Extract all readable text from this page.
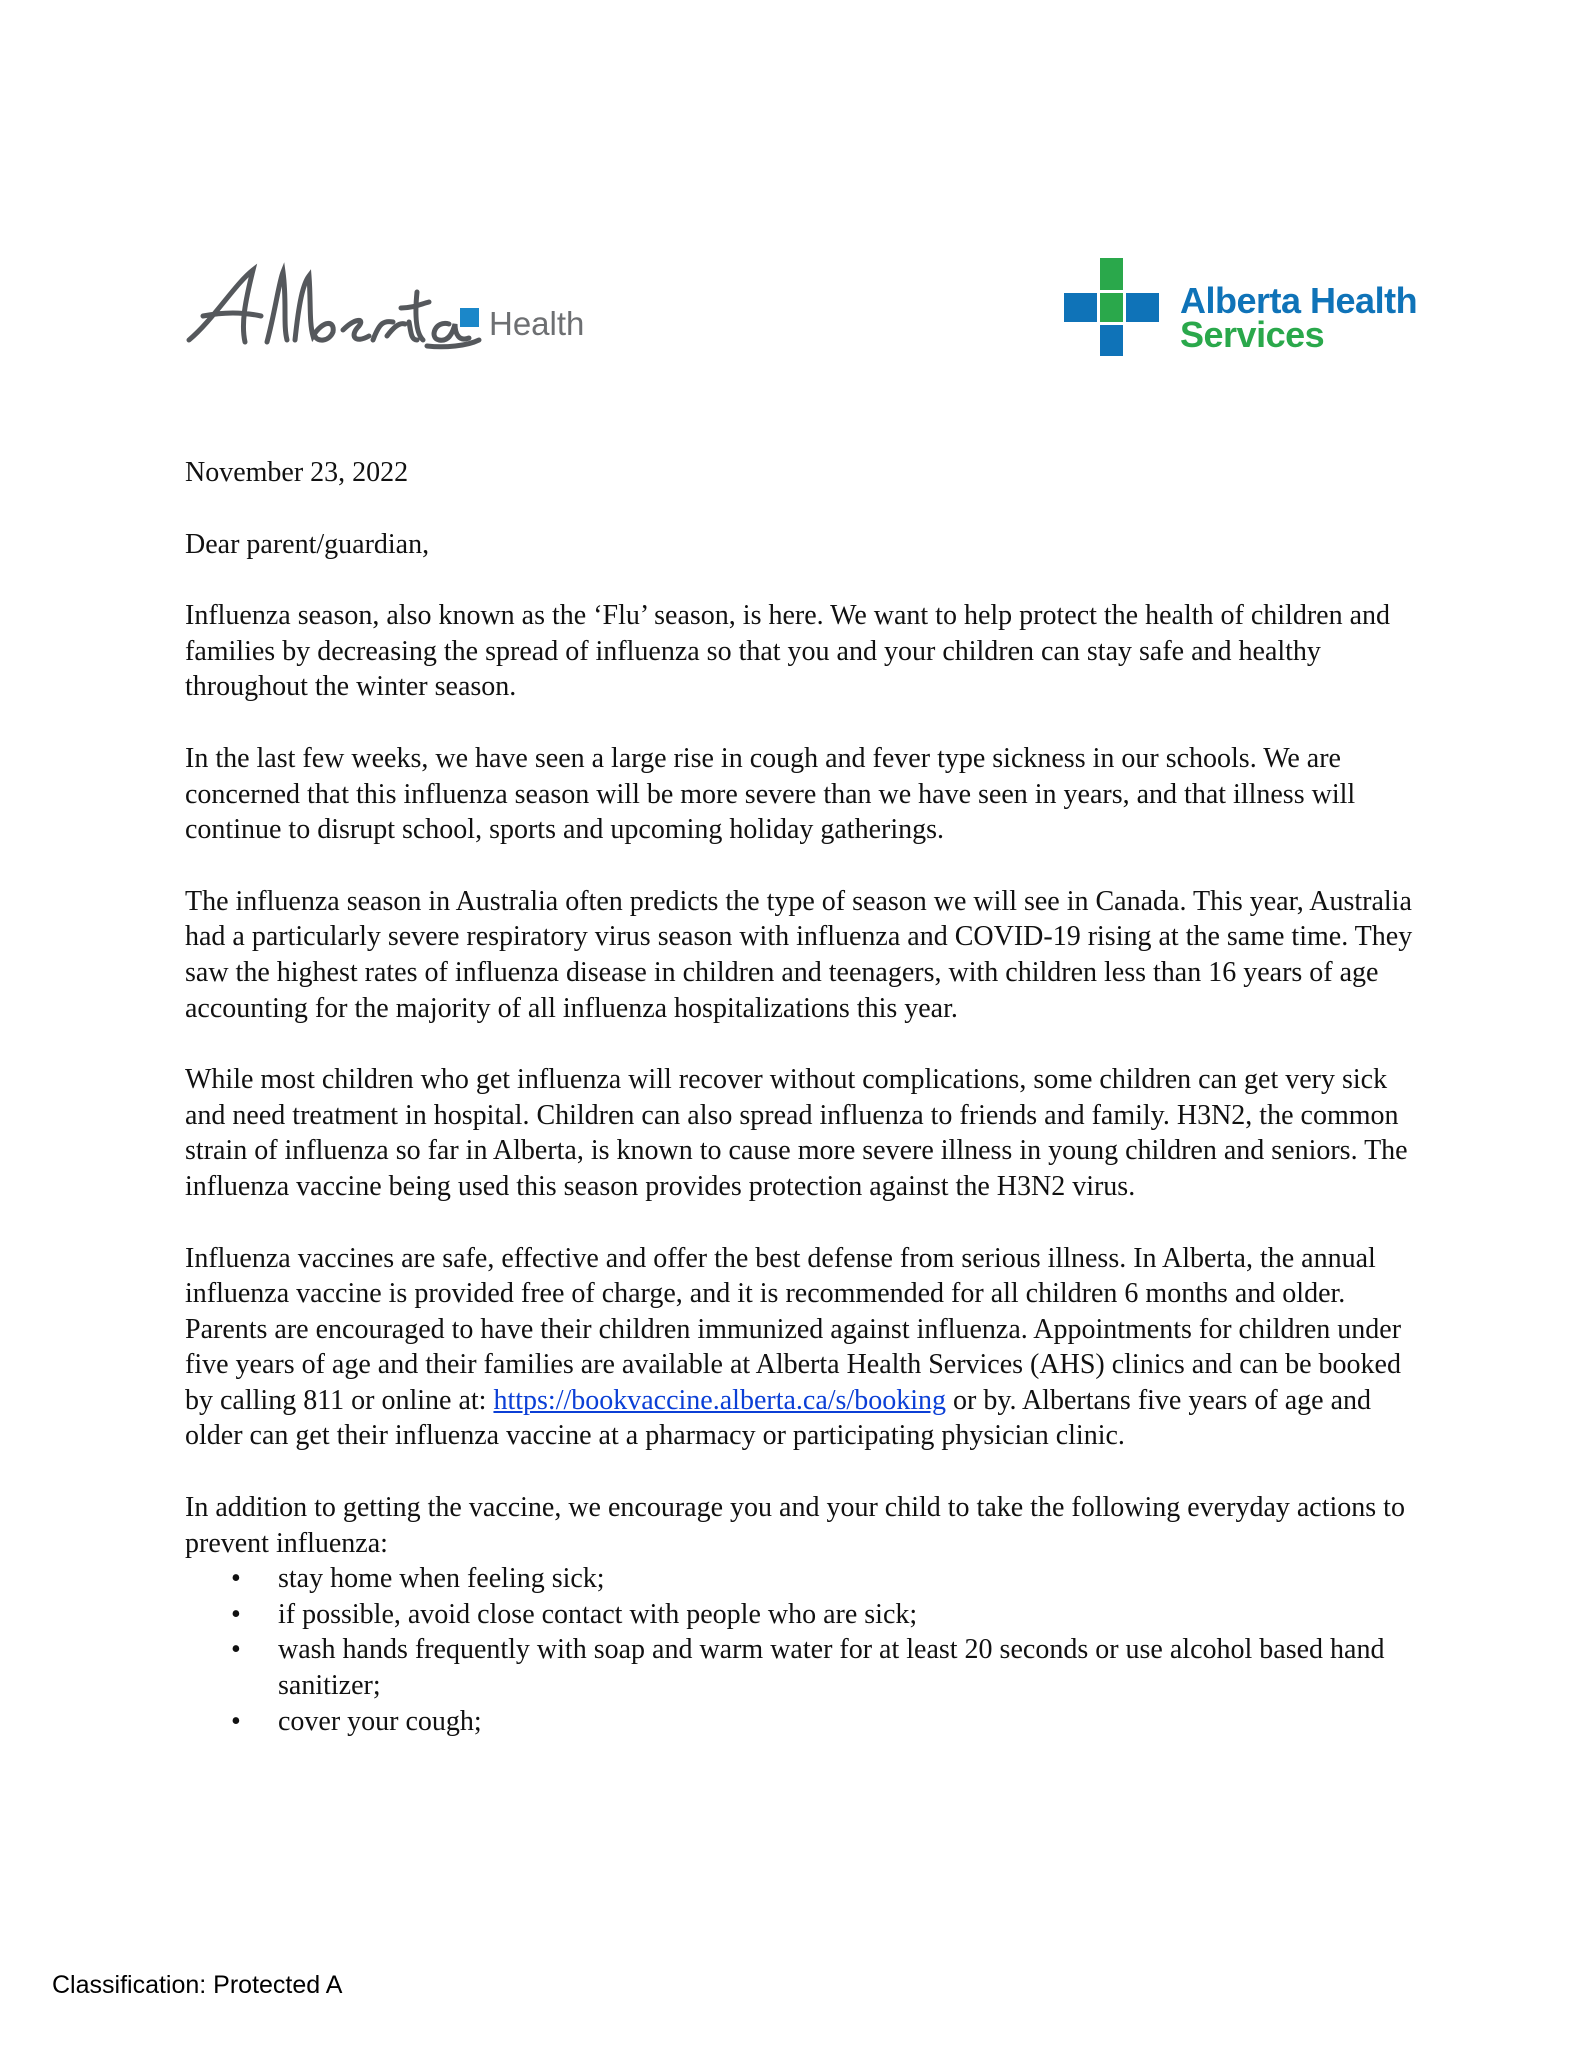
Health
Alberta Health
Services

November 23, 2022

Dear parent/guardian,

Influenza season, also known as the ‘Flu’ season, is here. We want to help protect the health of children and families by decreasing the spread of influenza so that you and your children can stay safe and healthy throughout the winter season.

In the last few weeks, we have seen a large rise in cough and fever type sickness in our schools. We are concerned that this influenza season will be more severe than we have seen in years, and that illness will continue to disrupt school, sports and upcoming holiday gatherings.

The influenza season in Australia often predicts the type of season we will see in Canada. This year, Australia had a particularly severe respiratory virus season with influenza and COVID-19 rising at the same time. They saw the highest rates of influenza disease in children and teenagers, with children less than 16 years of age accounting for the majority of all influenza hospitalizations this year.

While most children who get influenza will recover without complications, some children can get very sick and need treatment in hospital. Children can also spread influenza to friends and family. H3N2, the common strain of influenza so far in Alberta, is known to cause more severe illness in young children and seniors. The influenza vaccine being used this season provides protection against the H3N2 virus.

Influenza vaccines are safe, effective and offer the best defense from serious illness. In Alberta, the annual influenza vaccine is provided free of charge, and it is recommended for all children 6 months and older. Parents are encouraged to have their children immunized against influenza. Appointments for children under five years of age and their families are available at Alberta Health Services (AHS) clinics and can be booked by calling 811 or online at: https://bookvaccine.alberta.ca/s/booking or by. Albertans five years of age and older can get their influenza vaccine at a pharmacy or participating physician clinic.

In addition to getting the vaccine, we encourage you and your child to take the following everyday actions to prevent influenza:

• stay home when feeling sick;
• if possible, avoid close contact with people who are sick;
• wash hands frequently with soap and warm water for at least 20 seconds or use alcohol based hand sanitizer;
• cover your cough;
Classification: Protected A
